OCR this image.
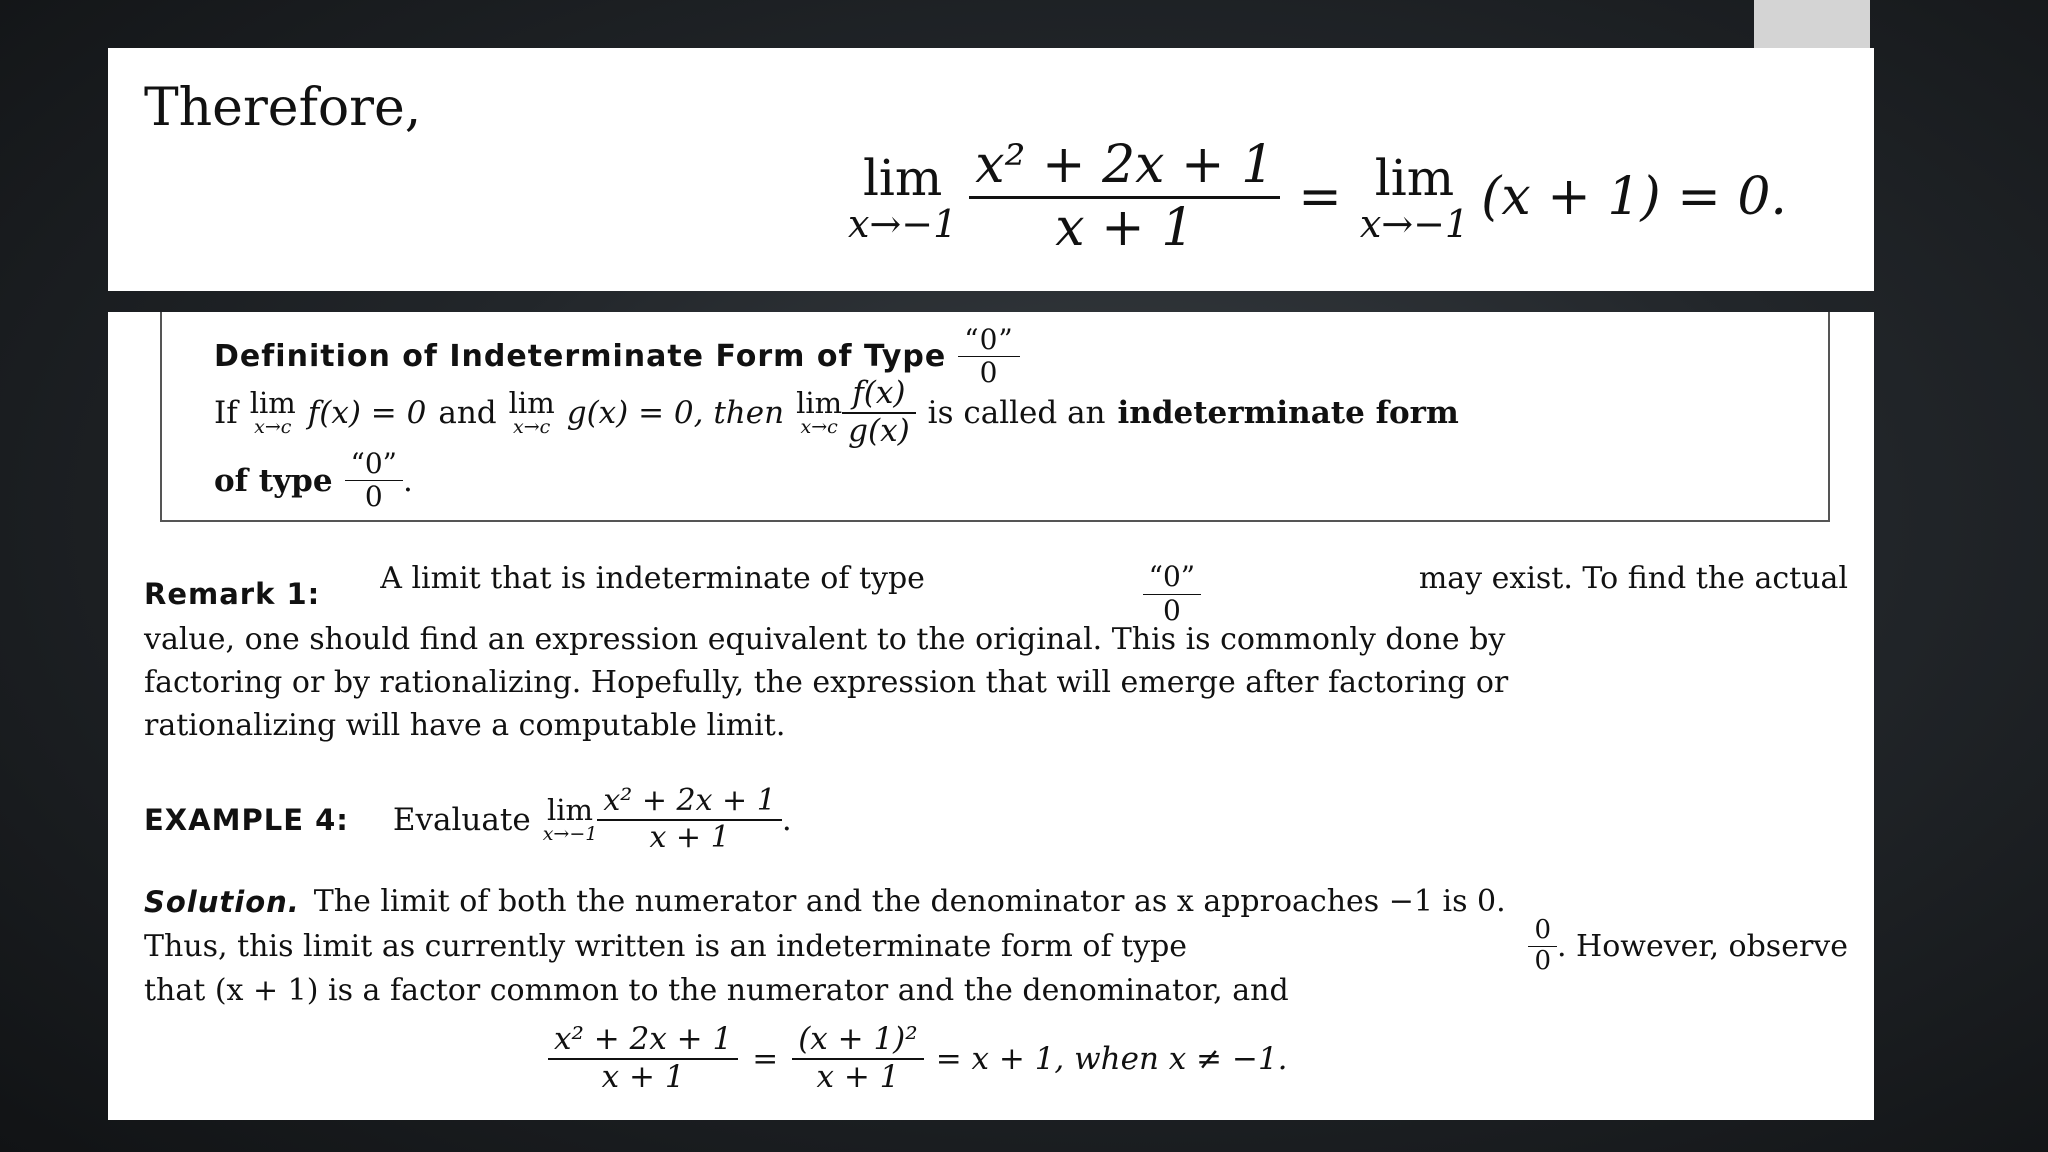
Therefore,
lim
$x\to-1 \frac{\text{x² + 2x + 1}}{x + 1} = \lim$
x→−1 (x + 1) = 0.
Definition of Indeterminate Form of Type $\frac{“0”}{0}$
If lim
x→c f(x) = 0 and lim
x→c g(x) = 0, then lim
$x\to c \frac{f(x)}{g(x)}$ is called an indeterminate form
of type $\frac{“0”}{0}$ .
Remark 1: A limit that is indeterminate of type	$\frac{“0”}{0}$	may exist. To find the actual
value, one should find an expression equivalent to the original. This is commonly done by
factoring or by rationalizing. Hopefully, the expression that will emerge after factoring or
rationalizing will have a computable limit.
EXAMPLE 4: Evaluate lim
$x\to-1 \frac{\text{x² + 2x + 1}}{x + 1}$ .
Solution. The limit of both the numerator and the denominator as x approaches −1 is 0.
Thus, this limit as currently written is an indeterminate form of type	$\frac{0}{0}$ . However, observe
that (x + 1) is a factor common to the numerator and the denominator, and
$\frac{\text{x² + 2x + 1}}{x + 1} = \frac{\text{(x + 1)²}}{x + 1} = x + 1$, when x ≠ −1.
